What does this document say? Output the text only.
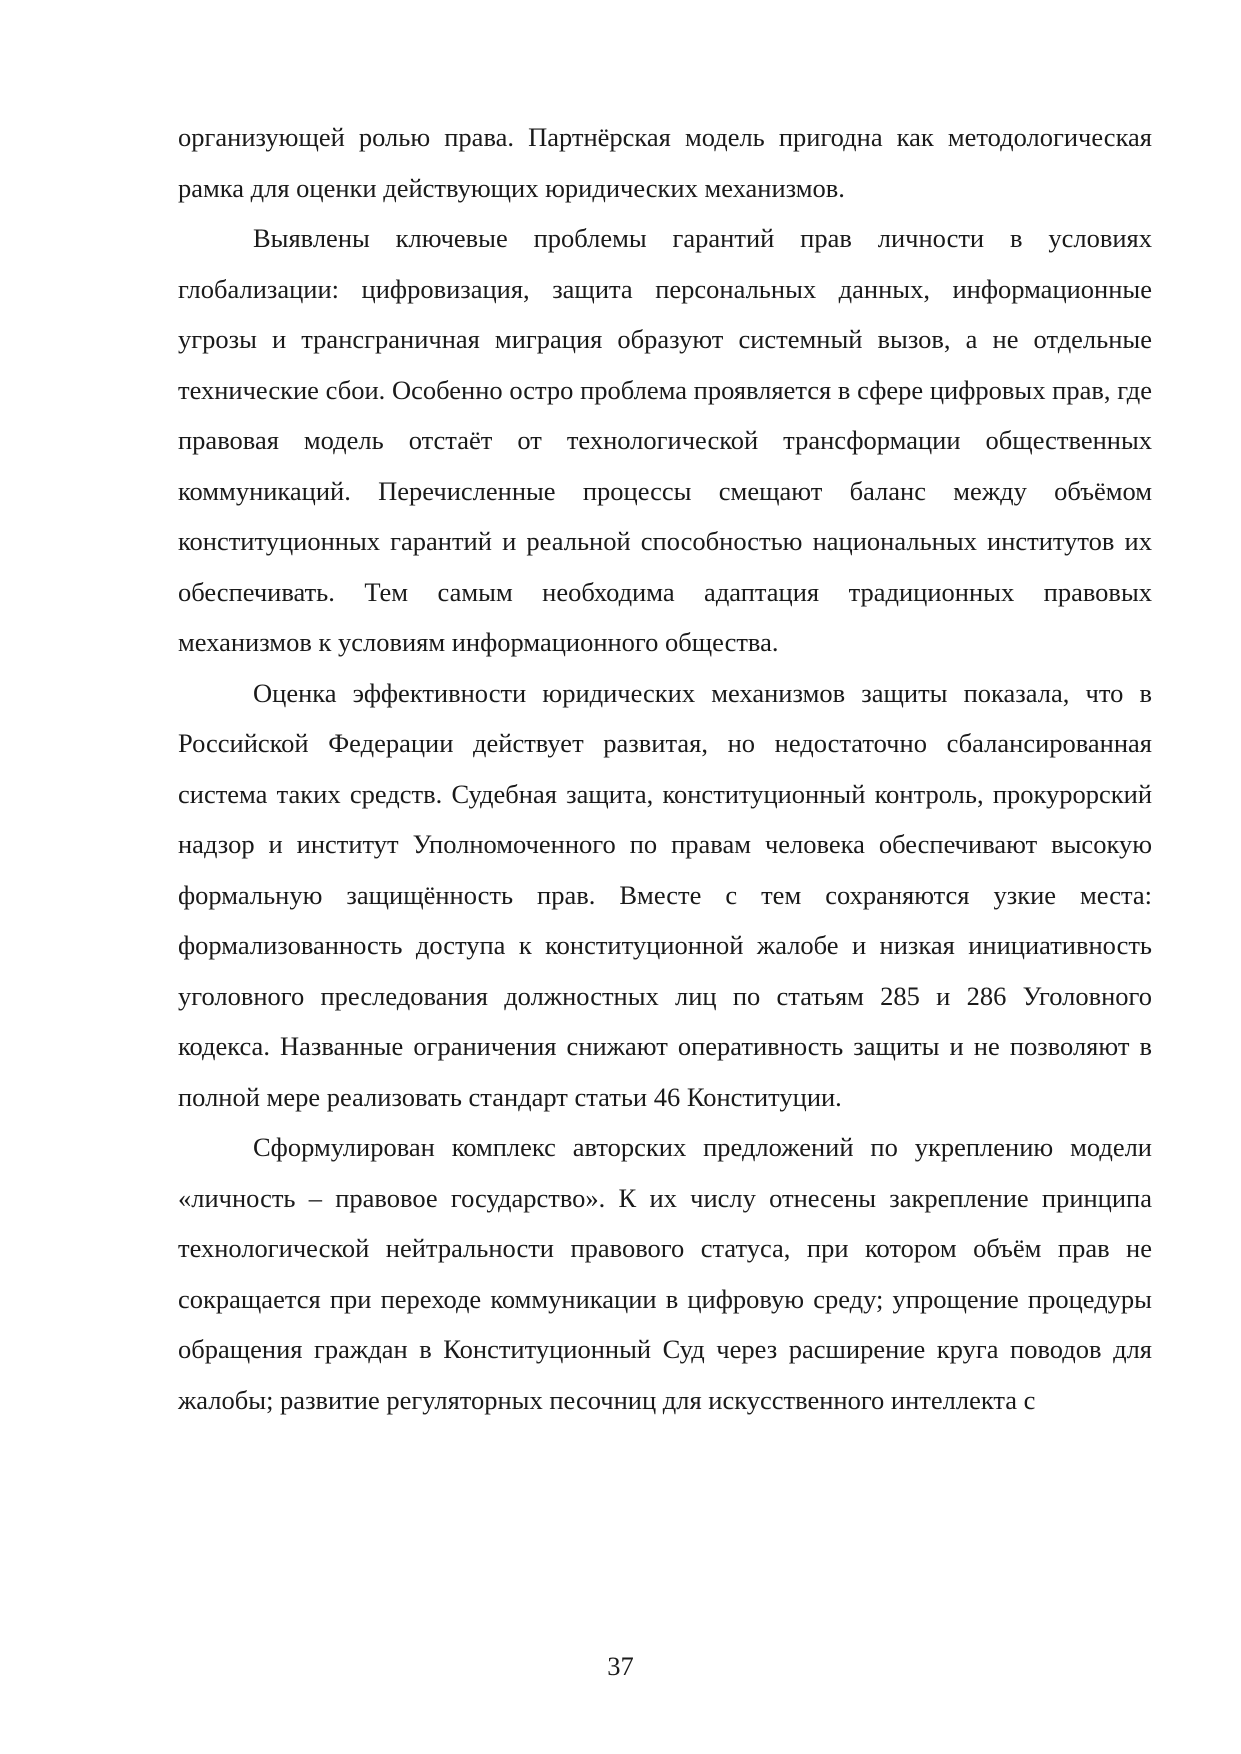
организующей ролью права. Партнёрская модель пригодна как методологическая рамка для оценки действующих юридических механизмов.

Выявлены ключевые проблемы гарантий прав личности в условиях глобализации: цифровизация, защита персональных данных, информационные угрозы и трансграничная миграция образуют системный вызов, а не отдельные технические сбои. Особенно остро проблема проявляется в сфере цифровых прав, где правовая модель отстаёт от технологической трансформации общественных коммуникаций. Перечисленные процессы смещают баланс между объёмом конституционных гарантий и реальной способностью национальных институтов их обеспечивать. Тем самым необходима адаптация традиционных правовых механизмов к условиям информационного общества.

Оценка эффективности юридических механизмов защиты показала, что в Российской Федерации действует развитая, но недостаточно сбалансированная система таких средств. Судебная защита, конституционный контроль, прокурорский надзор и институт Уполномоченного по правам человека обеспечивают высокую формальную защищённость прав. Вместе с тем сохраняются узкие места: формализованность доступа к конституционной жалобе и низкая инициативность уголовного преследования должностных лиц по статьям 285 и 286 Уголовного кодекса. Названные ограничения снижают оперативность защиты и не позволяют в полной мере реализовать стандарт статьи 46 Конституции.

Сформулирован комплекс авторских предложений по укреплению модели «личность – правовое государство». К их числу отнесены закрепление принципа технологической нейтральности правового статуса, при котором объём прав не сокращается при переходе коммуникации в цифровую среду; упрощение процедуры обращения граждан в Конституционный Суд через расширение круга поводов для жалобы; развитие регуляторных песочниц для искусственного интеллекта с

37
